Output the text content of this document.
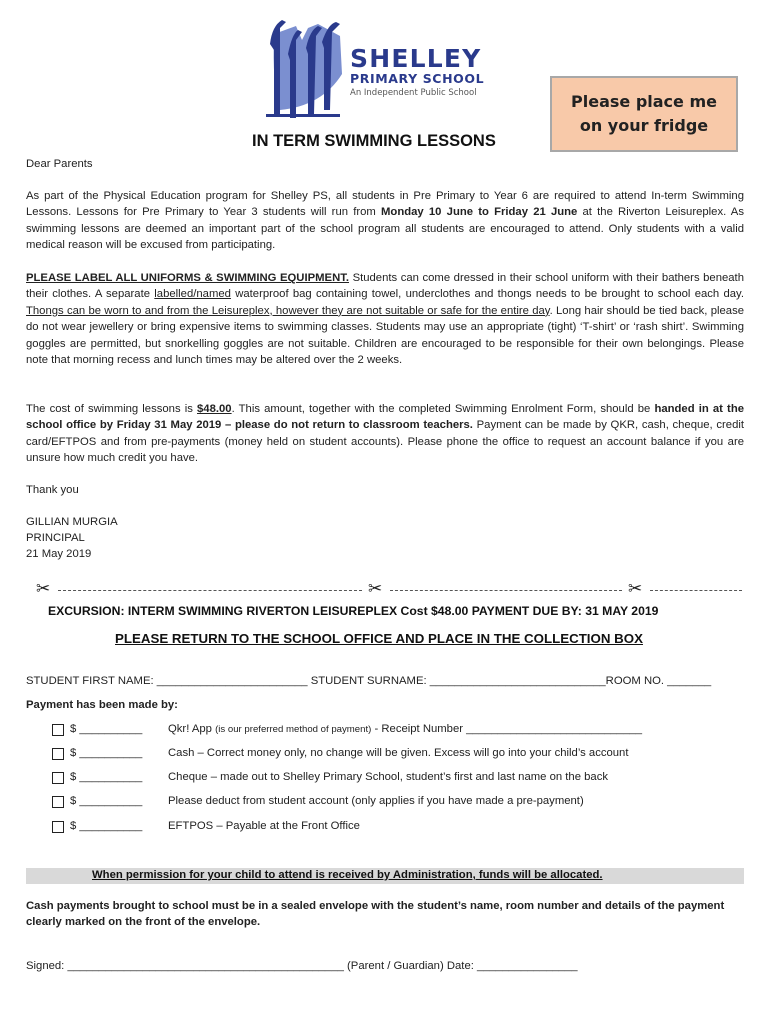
SHELLEY
PRIMARY SCHOOL
An Independent Public School	Please place me on your fridge
IN TERM SWIMMING LESSONS
Dear Parents
As part of the Physical Education program for Shelley PS, all students in Pre Primary to Year 6 are required to attend In-term Swimming Lessons. Lessons for Pre Primary to Year 3 students will run from Monday 10 June to Friday 21 June at the Riverton Leisureplex. As swimming lessons are deemed an important part of the school program all students are encouraged to attend. Only students with a valid medical reason will be excused from participating.
PLEASE LABEL ALL UNIFORMS & SWIMMING EQUIPMENT. Students can come dressed in their school uniform with their bathers beneath their clothes. A separate labelled/named waterproof bag containing towel, underclothes and thongs needs to be brought to school each day. Thongs can be worn to and from the Leisureplex, however they are not suitable or safe for the entire day. Long hair should be tied back, please do not wear jewellery or bring expensive items to swimming classes. Students may use an appropriate (tight) ‘T-shirt’ or ‘rash shirt’. Swimming goggles are permitted, but snorkelling goggles are not suitable. Children are encouraged to be responsible for their own belongings. Please note that morning recess and lunch times may be altered over the 2 weeks.
The cost of swimming lessons is $48.00. This amount, together with the completed Swimming Enrolment Form, should be handed in at the school office by Friday 31 May 2019 – please do not return to classroom teachers. Payment can be made by QKR, cash, cheque, credit card/EFTPOS and from pre-payments (money held on student accounts). Please phone the office to request an account balance if you are unsure how much credit you have.
Thank you
GILLIAN MURGIA
PRINCIPAL
21 May 2019
✂	✂	✂
EXCURSION: INTERM SWIMMING RIVERTON LEISUREPLEX Cost $48.00 PAYMENT DUE BY: 31 MAY 2019
PLEASE RETURN TO THE SCHOOL OFFICE AND PLACE IN THE COLLECTION BOX
STUDENT FIRST NAME: ________________________ STUDENT SURNAME: ____________________________ROOM NO. _______
Payment has been made by:
$ __________ Qkr! App (is our preferred method of payment) - Receipt Number ____________________________
$ __________ Cash – Correct money only, no change will be given. Excess will go into your child’s account
$ __________ Cheque – made out to Shelley Primary School, student’s first and last name on the back
$ __________ Please deduct from student account (only applies if you have made a pre-payment)
$ __________ EFTPOS – Payable at the Front Office
When permission for your child to attend is received by Administration, funds will be allocated.
Cash payments brought to school must be in a sealed envelope with the student’s name, room number and details of the payment clearly marked on the front of the envelope.
Signed: ____________________________________________ (Parent / Guardian) Date: ________________
